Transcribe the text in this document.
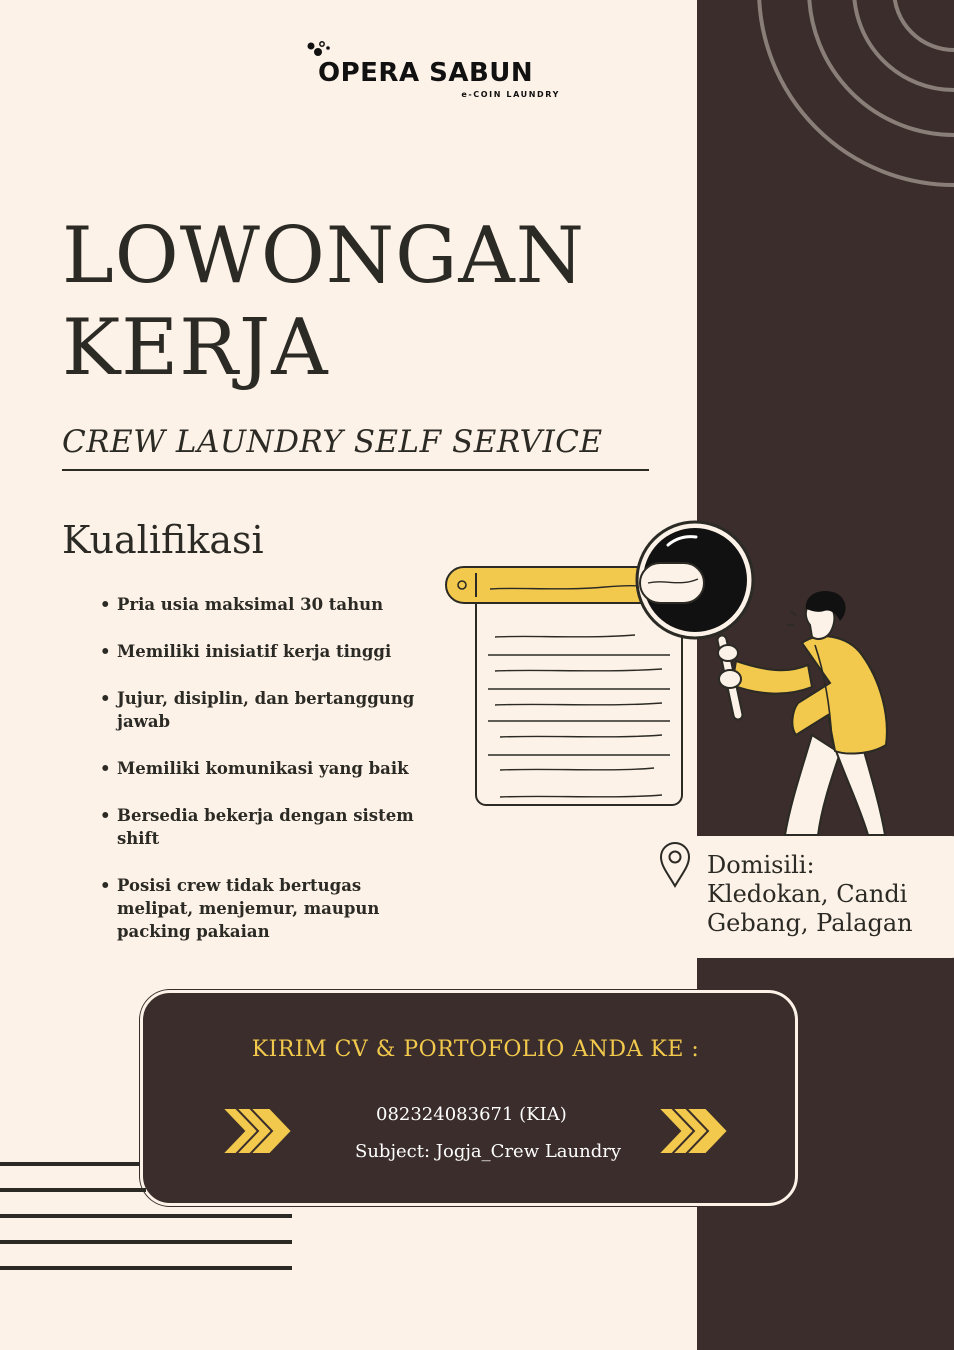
OPERA SABUN
e-COIN LAUNDRY
LOWONGAN
KERJA
CREW LAUNDRY SELF SERVICE
Kualifikasi
• Pria usia maksimal 30 tahun
• Memiliki inisiatif kerja tinggi
• Jujur, disiplin, dan bertanggung jawab
• Memiliki komunikasi yang baik
• Bersedia bekerja dengan sistem shift
• Posisi crew tidak bertugas melipat, menjemur, maupun packing pakaian
Domisili:
Kledokan, Candi
Gebang, Palagan
KIRIM CV & PORTOFOLIO ANDA KE :
082324083671 (KIA)
Subject: Jogja_Crew Laundry
